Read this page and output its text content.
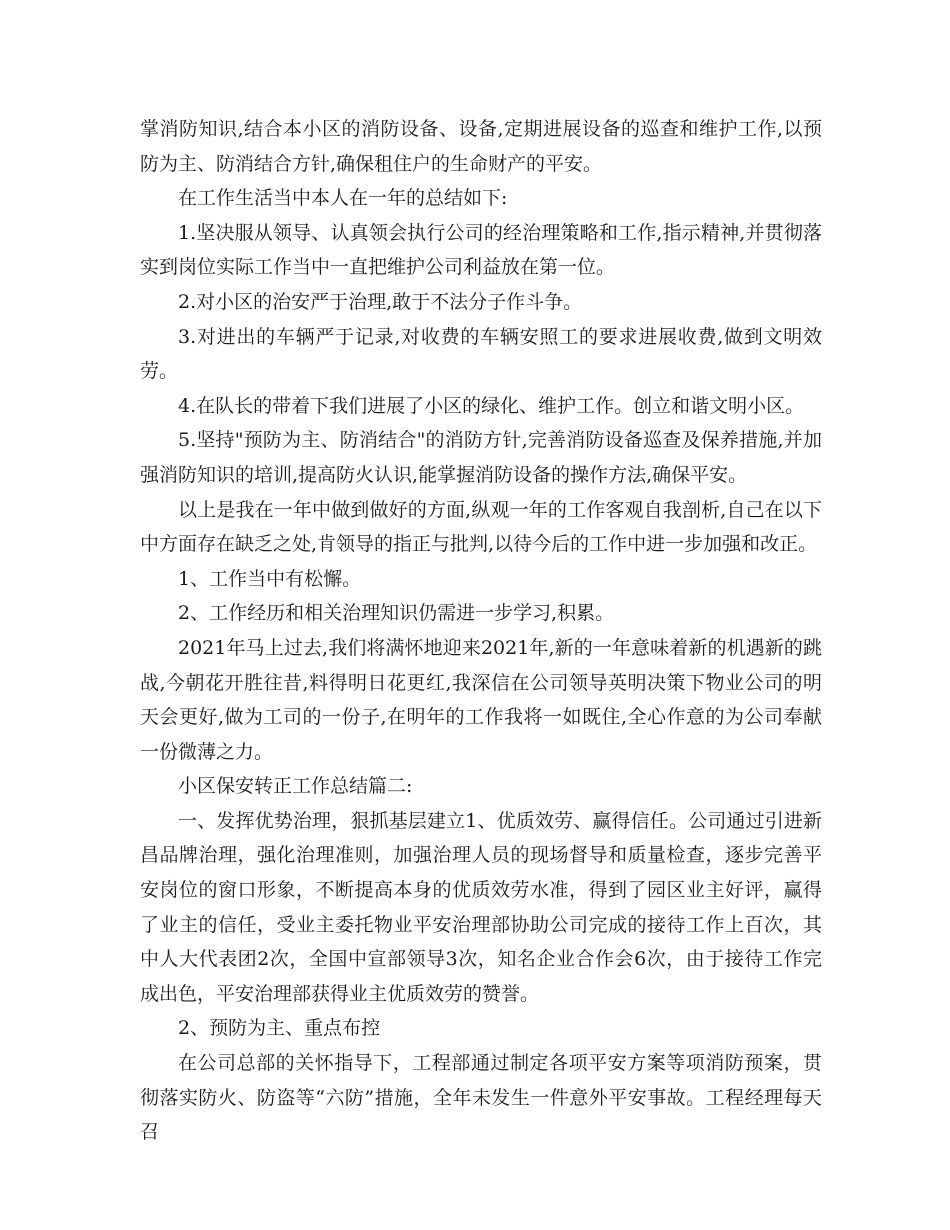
掌消防知识,结合本小区的消防设备、设备,定期进展设备的巡查和维护工作,以预防为主、防消结合方针,确保租住户的生命财产的平安。

在工作生活当中本人在一年的总结如下:

1.坚决服从领导、认真领会执行公司的经治理策略和工作,指示精神,并贯彻落实到岗位实际工作当中一直把维护公司利益放在第一位。

2.对小区的治安严于治理,敢于不法分子作斗争。

3.对进出的车辆严于记录,对收费的车辆安照工的要求进展收费,做到文明效劳。

4.在队长的带着下我们进展了小区的绿化、维护工作。创立和谐文明小区。

5.坚持"预防为主、防消结合"的消防方针,完善消防设备巡查及保养措施,并加强消防知识的培训,提高防火认识,能掌握消防设备的操作方法,确保平安。

以上是我在一年中做到做好的方面,纵观一年的工作客观自我剖析,自己在以下中方面存在缺乏之处,肯领导的指正与批判,以待今后的工作中进一步加强和改正。

1、工作当中有松懈。

2、工作经历和相关治理知识仍需进一步学习,积累。

2021年马上过去,我们将满怀地迎来2021年,新的一年意味着新的机遇新的跳战,今朝花开胜往昔,料得明日花更红,我深信在公司领导英明决策下物业公司的明天会更好,做为工司的一份子,在明年的工作我将一如既住,全心作意的为公司奉献一份微薄之力。

小区保安转正工作总结篇二:

一、发挥优势治理，狠抓基层建立1、优质效劳、赢得信任。公司通过引进新昌品牌治理，强化治理准则，加强治理人员的现场督导和质量检查，逐步完善平安岗位的窗口形象，不断提高本身的优质效劳水准，得到了园区业主好评，赢得了业主的信任，受业主委托物业平安治理部协助公司完成的接待工作上百次，其中人大代表团2次，全国中宣部领导3次，知名企业合作会6次，由于接待工作完成出色，平安治理部获得业主优质效劳的赞誉。

2、预防为主、重点布控

在公司总部的关怀指导下，工程部通过制定各项平安方案等项消防预案，贯彻落实防火、防盗等“六防”措施，全年未发生一件意外平安事故。工程经理每天召
